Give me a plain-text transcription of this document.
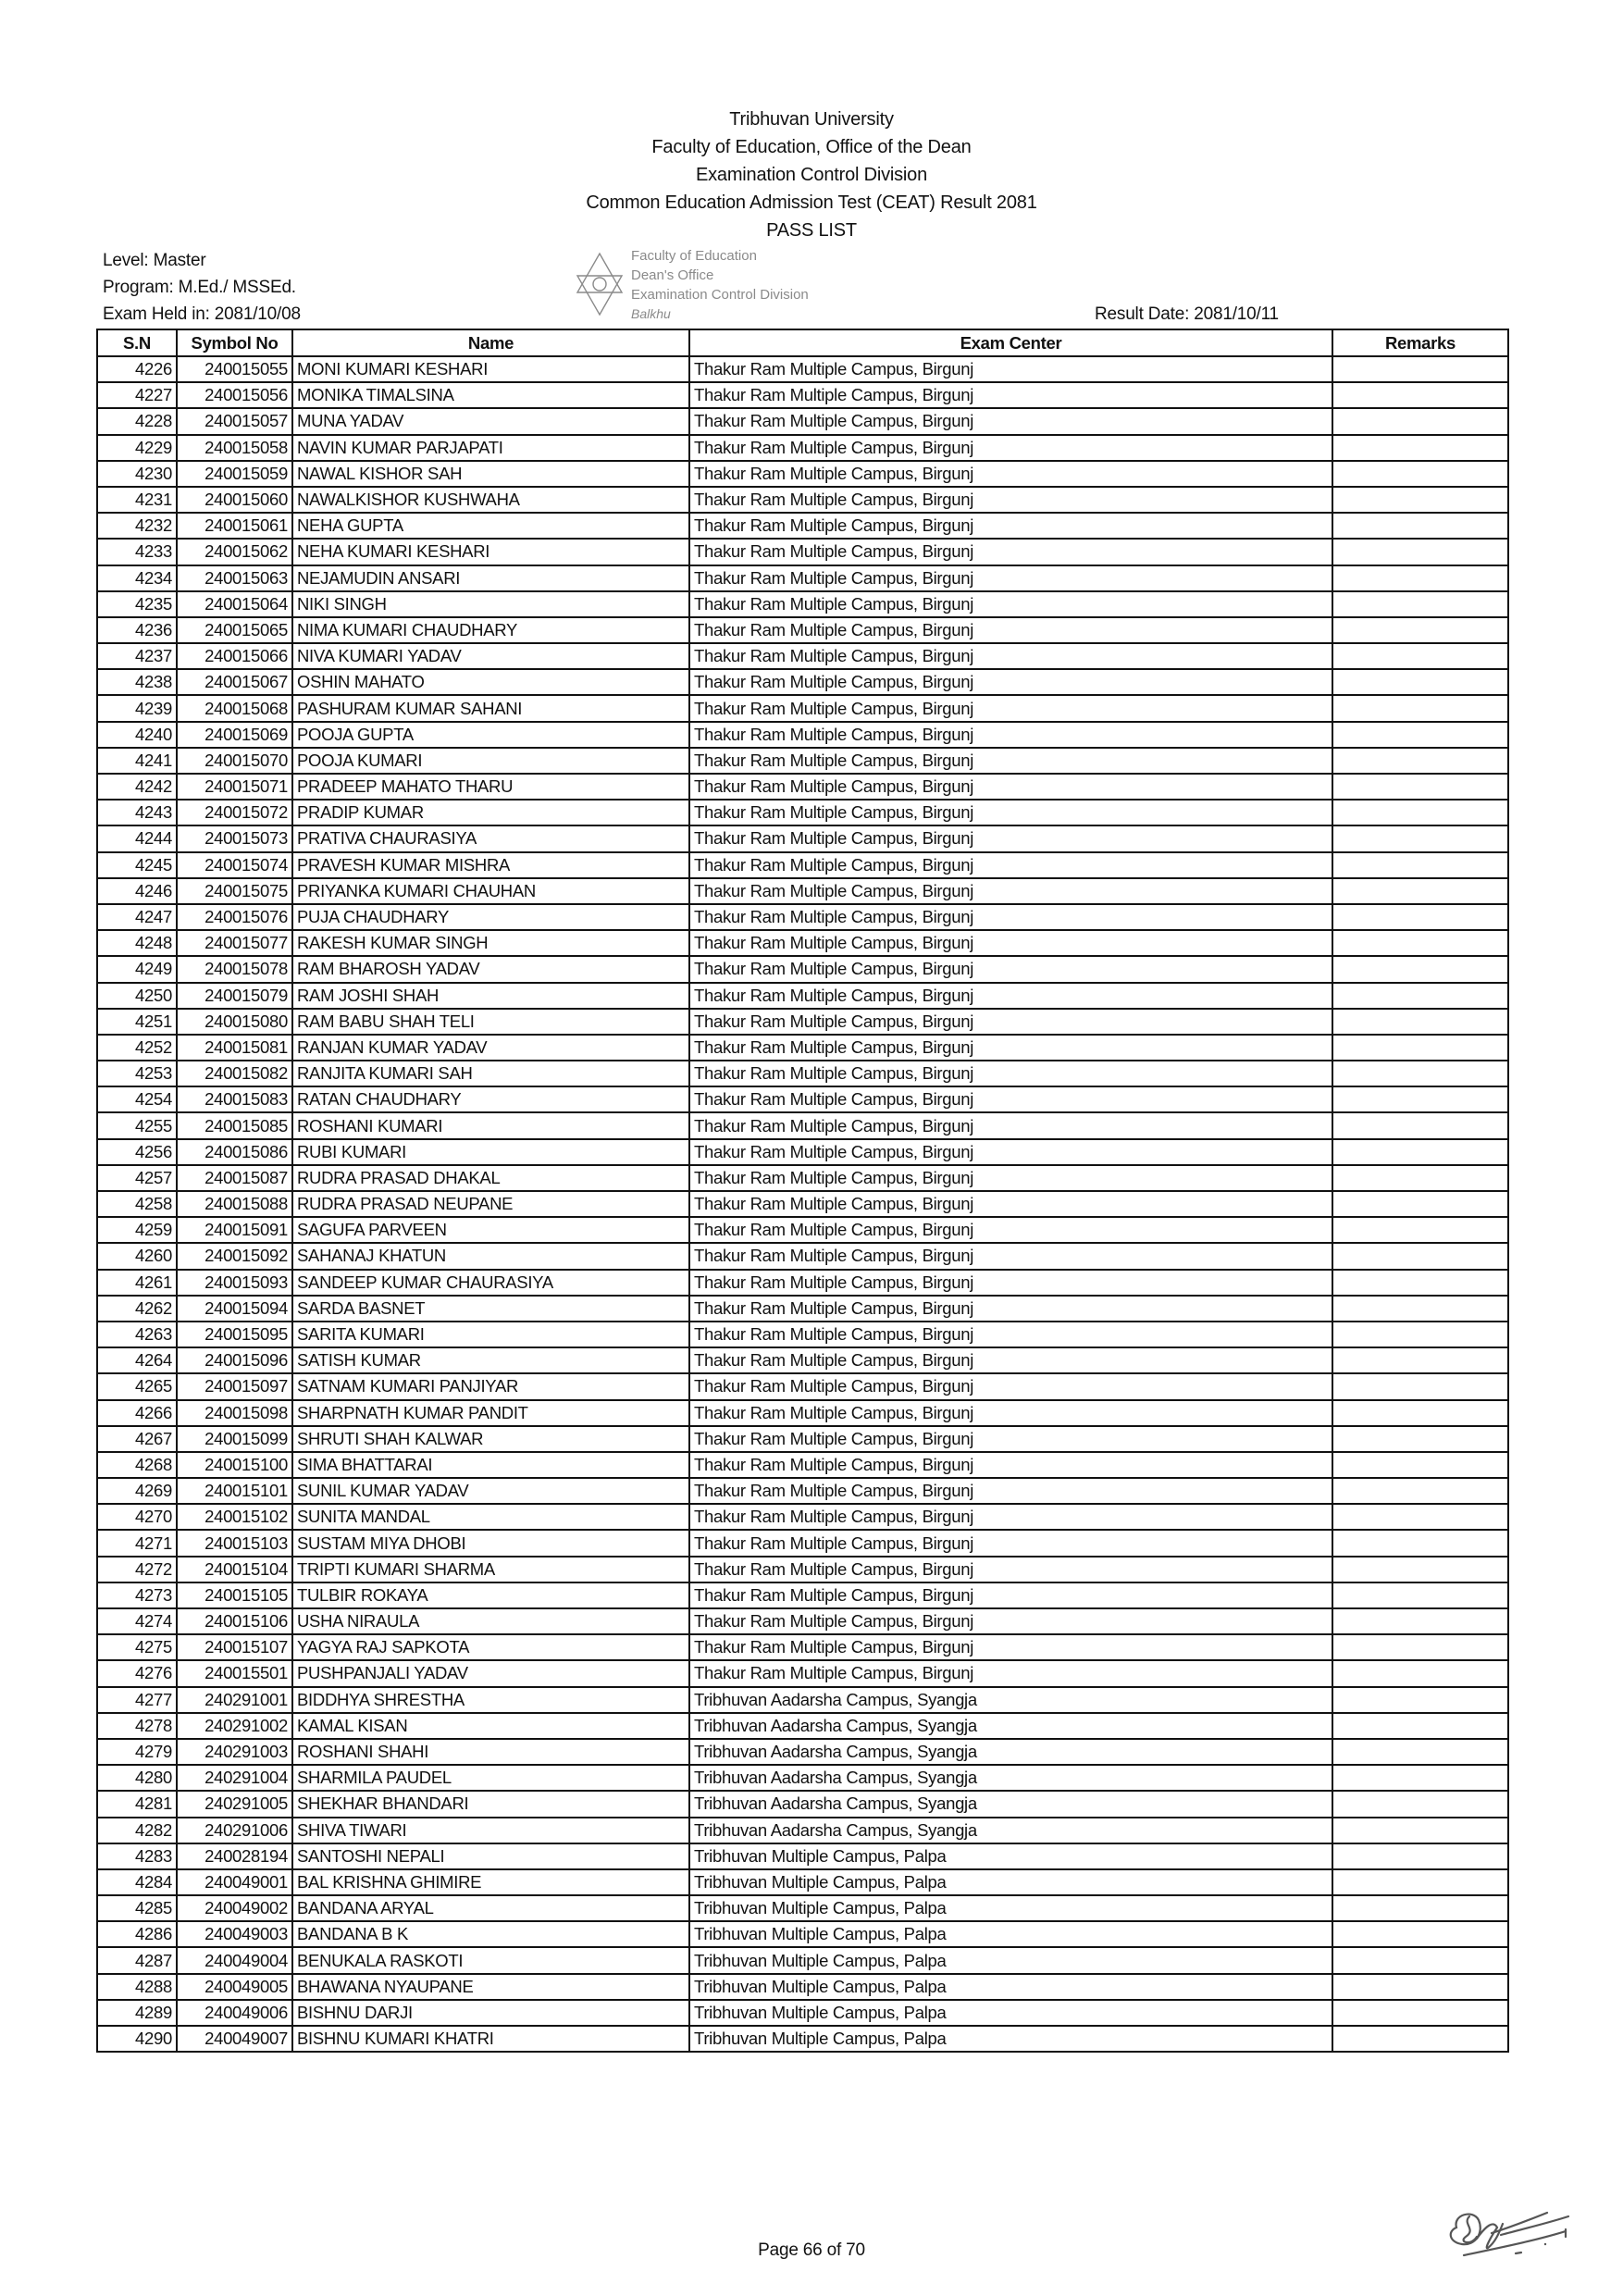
Tribhuvan University
Faculty of Education, Office of the Dean
Examination Control Division
Common Education Admission Test (CEAT) Result 2081
PASS LIST
Level: Master
Program: M.Ed./ MSSEd.
Exam Held in: 2081/10/08	Result Date: 2081/10/11
Faculty of Education
Dean's Office
Examination Control Division
Balkhu
S.N	Symbol No	Name	Exam Center	Remarks
4226	240015055	MONI KUMARI KESHARI	Thakur Ram Multiple Campus, Birgunj	
4227	240015056	MONIKA TIMALSINA	Thakur Ram Multiple Campus, Birgunj	
4228	240015057	MUNA YADAV	Thakur Ram Multiple Campus, Birgunj	
4229	240015058	NAVIN KUMAR PARJAPATI	Thakur Ram Multiple Campus, Birgunj	
4230	240015059	NAWAL KISHOR SAH	Thakur Ram Multiple Campus, Birgunj	
4231	240015060	NAWALKISHOR KUSHWAHA	Thakur Ram Multiple Campus, Birgunj	
4232	240015061	NEHA GUPTA	Thakur Ram Multiple Campus, Birgunj	
4233	240015062	NEHA KUMARI KESHARI	Thakur Ram Multiple Campus, Birgunj	
4234	240015063	NEJAMUDIN ANSARI	Thakur Ram Multiple Campus, Birgunj	
4235	240015064	NIKI SINGH	Thakur Ram Multiple Campus, Birgunj	
4236	240015065	NIMA KUMARI CHAUDHARY	Thakur Ram Multiple Campus, Birgunj	
4237	240015066	NIVA KUMARI YADAV	Thakur Ram Multiple Campus, Birgunj	
4238	240015067	OSHIN MAHATO	Thakur Ram Multiple Campus, Birgunj	
4239	240015068	PASHURAM KUMAR SAHANI	Thakur Ram Multiple Campus, Birgunj	
4240	240015069	POOJA GUPTA	Thakur Ram Multiple Campus, Birgunj	
4241	240015070	POOJA KUMARI	Thakur Ram Multiple Campus, Birgunj	
4242	240015071	PRADEEP MAHATO THARU	Thakur Ram Multiple Campus, Birgunj	
4243	240015072	PRADIP KUMAR	Thakur Ram Multiple Campus, Birgunj	
4244	240015073	PRATIVA CHAURASIYA	Thakur Ram Multiple Campus, Birgunj	
4245	240015074	PRAVESH KUMAR MISHRA	Thakur Ram Multiple Campus, Birgunj	
4246	240015075	PRIYANKA KUMARI CHAUHAN	Thakur Ram Multiple Campus, Birgunj	
4247	240015076	PUJA CHAUDHARY	Thakur Ram Multiple Campus, Birgunj	
4248	240015077	RAKESH KUMAR SINGH	Thakur Ram Multiple Campus, Birgunj	
4249	240015078	RAM BHAROSH YADAV	Thakur Ram Multiple Campus, Birgunj	
4250	240015079	RAM JOSHI SHAH	Thakur Ram Multiple Campus, Birgunj	
4251	240015080	RAM BABU SHAH TELI	Thakur Ram Multiple Campus, Birgunj	
4252	240015081	RANJAN KUMAR YADAV	Thakur Ram Multiple Campus, Birgunj	
4253	240015082	RANJITA KUMARI SAH	Thakur Ram Multiple Campus, Birgunj	
4254	240015083	RATAN CHAUDHARY	Thakur Ram Multiple Campus, Birgunj	
4255	240015085	ROSHANI KUMARI	Thakur Ram Multiple Campus, Birgunj	
4256	240015086	RUBI KUMARI	Thakur Ram Multiple Campus, Birgunj	
4257	240015087	RUDRA PRASAD DHAKAL	Thakur Ram Multiple Campus, Birgunj	
4258	240015088	RUDRA PRASAD NEUPANE	Thakur Ram Multiple Campus, Birgunj	
4259	240015091	SAGUFA PARVEEN	Thakur Ram Multiple Campus, Birgunj	
4260	240015092	SAHANAJ KHATUN	Thakur Ram Multiple Campus, Birgunj	
4261	240015093	SANDEEP KUMAR CHAURASIYA	Thakur Ram Multiple Campus, Birgunj	
4262	240015094	SARDA BASNET	Thakur Ram Multiple Campus, Birgunj	
4263	240015095	SARITA KUMARI	Thakur Ram Multiple Campus, Birgunj	
4264	240015096	SATISH KUMAR	Thakur Ram Multiple Campus, Birgunj	
4265	240015097	SATNAM KUMARI PANJIYAR	Thakur Ram Multiple Campus, Birgunj	
4266	240015098	SHARPNATH KUMAR PANDIT	Thakur Ram Multiple Campus, Birgunj	
4267	240015099	SHRUTI SHAH KALWAR	Thakur Ram Multiple Campus, Birgunj	
4268	240015100	SIMA BHATTARAI	Thakur Ram Multiple Campus, Birgunj	
4269	240015101	SUNIL KUMAR YADAV	Thakur Ram Multiple Campus, Birgunj	
4270	240015102	SUNITA MANDAL	Thakur Ram Multiple Campus, Birgunj	
4271	240015103	SUSTAM MIYA DHOBI	Thakur Ram Multiple Campus, Birgunj	
4272	240015104	TRIPTI KUMARI SHARMA	Thakur Ram Multiple Campus, Birgunj	
4273	240015105	TULBIR ROKAYA	Thakur Ram Multiple Campus, Birgunj	
4274	240015106	USHA NIRAULA	Thakur Ram Multiple Campus, Birgunj	
4275	240015107	YAGYA RAJ SAPKOTA	Thakur Ram Multiple Campus, Birgunj	
4276	240015501	PUSHPANJALI YADAV	Thakur Ram Multiple Campus, Birgunj	
4277	240291001	BIDDHYA SHRESTHA	Tribhuvan Aadarsha Campus, Syangja	
4278	240291002	KAMAL KISAN	Tribhuvan Aadarsha Campus, Syangja	
4279	240291003	ROSHANI SHAHI	Tribhuvan Aadarsha Campus, Syangja	
4280	240291004	SHARMILA PAUDEL	Tribhuvan Aadarsha Campus, Syangja	
4281	240291005	SHEKHAR BHANDARI	Tribhuvan Aadarsha Campus, Syangja	
4282	240291006	SHIVA TIWARI	Tribhuvan Aadarsha Campus, Syangja	
4283	240028194	SANTOSHI NEPALI	Tribhuvan Multiple Campus, Palpa	
4284	240049001	BAL KRISHNA GHIMIRE	Tribhuvan Multiple Campus, Palpa	
4285	240049002	BANDANA ARYAL	Tribhuvan Multiple Campus, Palpa	
4286	240049003	BANDANA B K	Tribhuvan Multiple Campus, Palpa	
4287	240049004	BENUKALA RASKOTI	Tribhuvan Multiple Campus, Palpa	
4288	240049005	BHAWANA NYAUPANE	Tribhuvan Multiple Campus, Palpa	
4289	240049006	BISHNU DARJI	Tribhuvan Multiple Campus, Palpa	
4290	240049007	BISHNU KUMARI KHATRI	Tribhuvan Multiple Campus, Palpa	
Page 66 of 70
